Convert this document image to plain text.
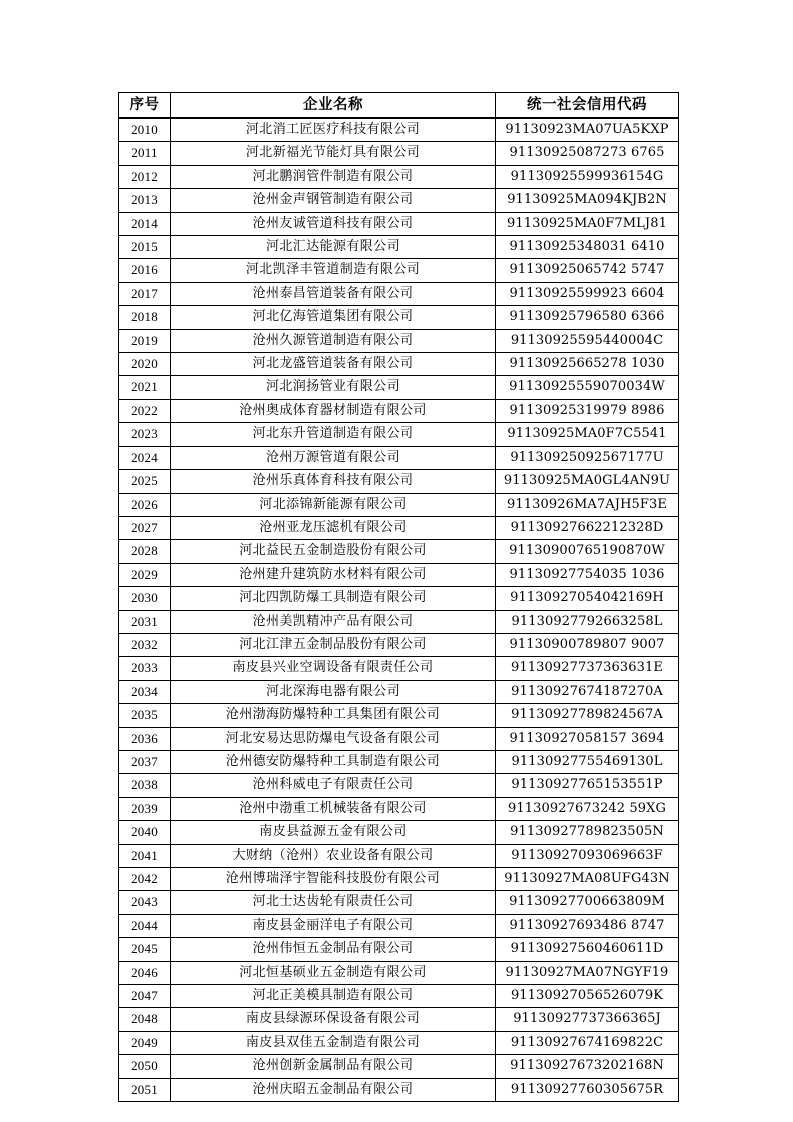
序号	企业名称	统一社会信用代码
2010	河北消工匠医疗科技有限公司	91130923MA07UA5KXP
2011	河北新福光节能灯具有限公司	91130925087273 6765
2012	河北鹏润管件制造有限公司	91130925599936154G
2013	沧州金声钢管制造有限公司	91130925MA094KJB2N
2014	沧州友诚管道科技有限公司	91130925MA0F7MLJ81
2015	河北汇达能源有限公司	91130925348031 6410
2016	河北凯泽丰管道制造有限公司	91130925065742 5747
2017	沧州泰昌管道装备有限公司	91130925599923 6604
2018	河北亿海管道集团有限公司	91130925796580 6366
2019	沧州久源管道制造有限公司	91130925595440004C
2020	河北龙盛管道装备有限公司	91130925665278 1030
2021	河北润扬管业有限公司	91130925559070034W
2022	沧州奥成体育器材制造有限公司	91130925319979 8986
2023	河北东升管道制造有限公司	91130925MA0F7C5541
2024	沧州万源管道有限公司	91130925092567177U
2025	沧州乐真体育科技有限公司	91130925MA0GL4AN9U
2026	河北添锦新能源有限公司	91130926MA7AJH5F3E
2027	沧州亚龙压滤机有限公司	91130927662212328D
2028	河北益民五金制造股份有限公司	91130900765190870W
2029	沧州建升建筑防水材料有限公司	91130927754035 1036
2030	河北四凯防爆工具制造有限公司	91130927054042169H
2031	沧州美凯精冲产品有限公司	91130927792663258L
2032	河北江津五金制品股份有限公司	91130900789807 9007
2033	南皮县兴业空调设备有限责任公司	91130927737363631E
2034	河北深海电器有限公司	91130927674187270A
2035	沧州渤海防爆特种工具集团有限公司	91130927789824567A
2036	河北安易达思防爆电气设备有限公司	91130927058157 3694
2037	沧州德安防爆特种工具制造有限公司	91130927755469130L
2038	沧州科威电子有限责任公司	91130927765153551P
2039	沧州中渤重工机械装备有限公司	91130927673242 59XG
2040	南皮县益源五金有限公司	91130927789823505N
2041	大财纳（沧州）农业设备有限公司	91130927093069663F
2042	沧州博瑞泽宇智能科技股份有限公司	91130927MA08UFG43N
2043	河北士达齿轮有限责任公司	91130927700663809M
2044	南皮县金丽洋电子有限公司	91130927693486 8747
2045	沧州伟恒五金制品有限公司	91130927560460611D
2046	河北恒基硕业五金制造有限公司	91130927MA07NGYF19
2047	河北正美模具制造有限公司	91130927056526079K
2048	南皮县绿源环保设备有限公司	91130927737366365J
2049	南皮县双佳五金制造有限公司	91130927674169822C
2050	沧州创新金属制品有限公司	91130927673202168N
2051	沧州庆昭五金制品有限公司	91130927760305675R
